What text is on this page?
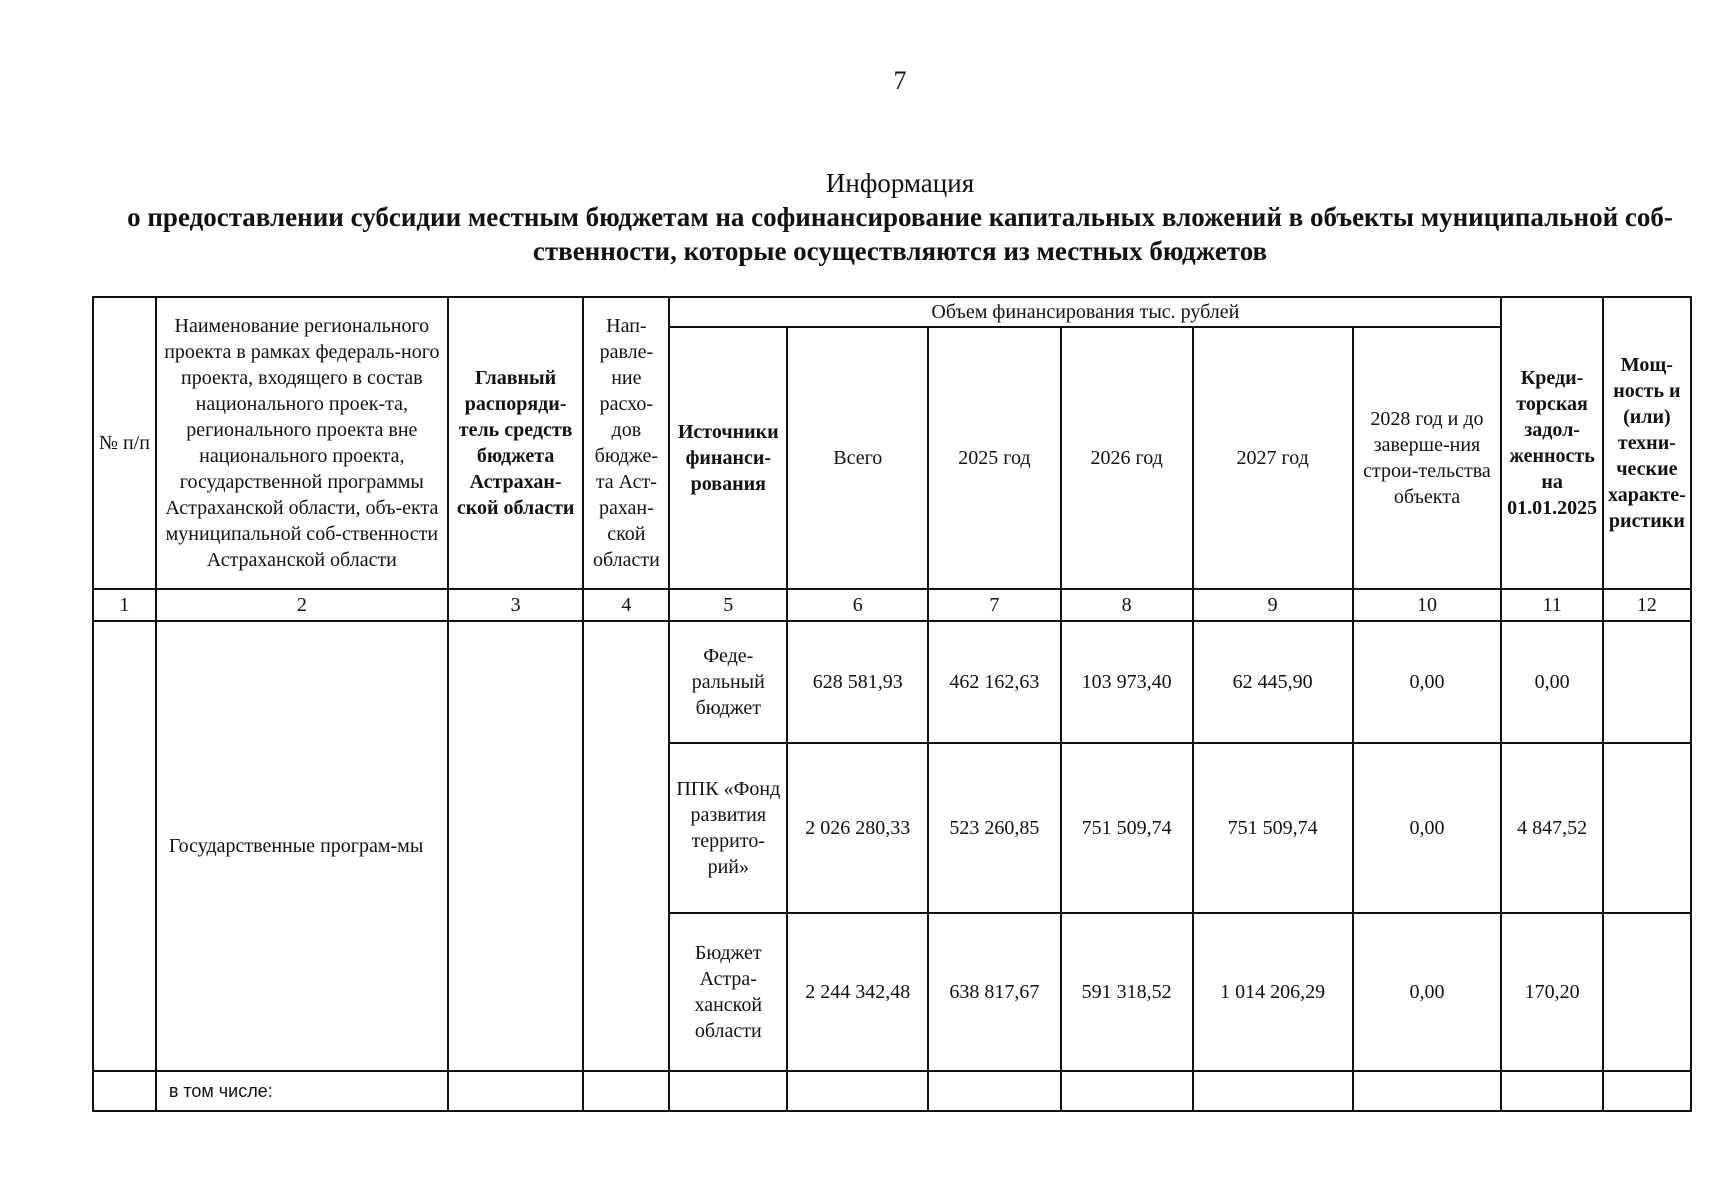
7
Информация
о предоставлении субсидии местным бюджетам на софинансирование капитальных вложений в объекты муниципальной соб-
ственности, которые осуществляются из местных бюджетов
№ п/п	Наименование регионального проекта в рамках федераль-ного проекта, входящего в состав национального проек-та, регионального проекта вне национального проекта, государственной программы Астраханской области, объ-екта муниципальной соб-ственности Астраханской области	Главный распоряди-тель средств бюджета Астрахан-ской области	Нап-равле-ние расхо-дов бюдже-та Аст-рахан-ской области	Объем финансирования тыс. рублей						Креди-торская задол-женность на 01.01.2025	Мощ-ность и (или) техни-ческие характе-ристики
				Источники финанси-рования	Всего	2025 год	2026 год	2027 год	2028 год и до заверше-ния строи-тельства объекта		
1	2	3	4	5	6	7	8	9	10	11	12
	Государственные програм-мы			Феде-ральный бюджет	628 581,93	462 162,63	103 973,40	62 445,90	0,00	0,00	
				ППК «Фонд развития террито-рий»	2 026 280,33	523 260,85	751 509,74	751 509,74	0,00	4 847,52	
				Бюджет Астра-ханской области	2 244 342,48	638 817,67	591 318,52	1 014 206,29	0,00	170,20	
	в том числе:										
